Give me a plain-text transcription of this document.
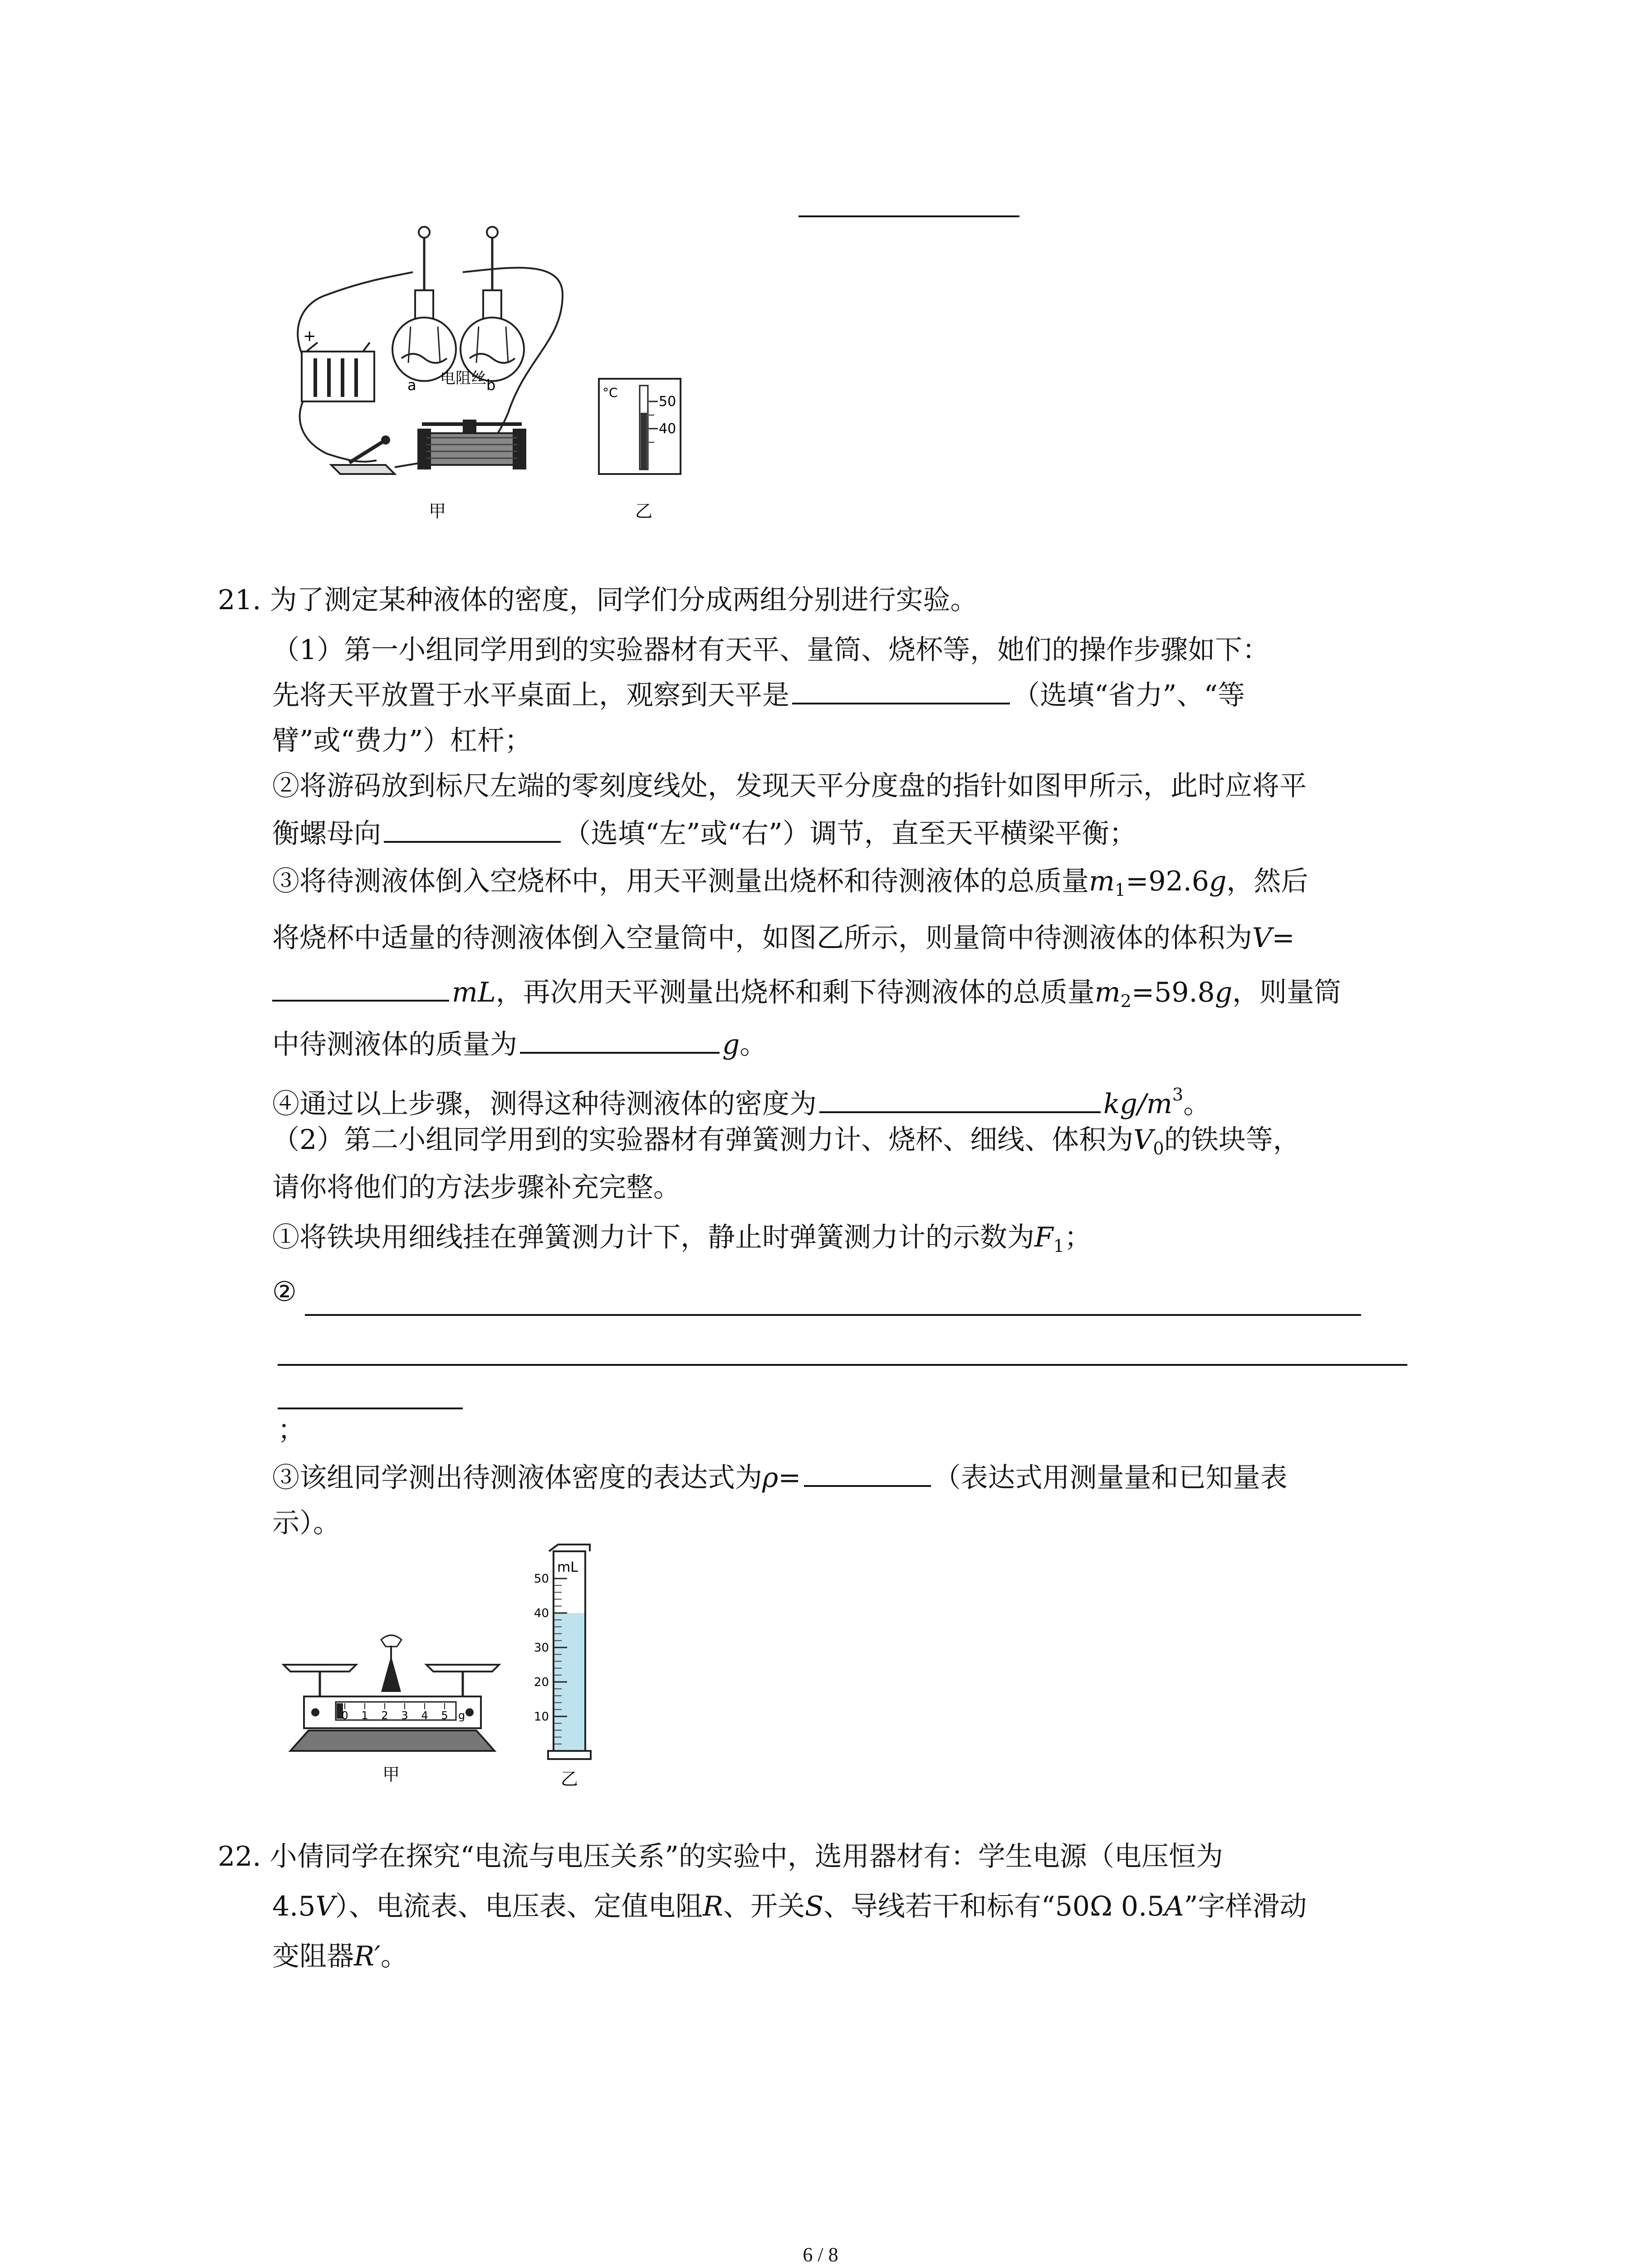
+
电阻丝
a	b	°C
50
40
甲	乙
21. 为了测定某种液体的密度，同学们分成两组分别进行实验。
（1）第一小组同学用到的实验器材有天平、量筒、烧杯等，她们的操作步骤如下：
先将天平放置于水平桌面上，观察到天平是	（选填“省力”、“等
臂”或“费力”）杠杆；
②将游码放到标尺左端的零刻度线处，发现天平分度盘的指针如图甲所示，此时应将平
衡螺母向	（选填“左”或“右”）调节，直至天平横梁平衡；
③将待测液体倒入空烧杯中，用天平测量出烧杯和待测液体的总质量$m_1=92.6g$，然后
将烧杯中适量的待测液体倒入空量筒中，如图乙所示，则量筒中待测液体的体积为V=
mL，再次用天平测量出烧杯和剩下待测液体的总质量$m_2=59.8g$，则量筒
中待测液体的质量为	g。
④通过以上步骤，测得这种待测液体的密度为	$kg/m^3$。
（2）第二小组同学用到的实验器材有弹簧测力计、烧杯、细线、体积为$V_0$的铁块等，
请你将他们的方法步骤补充完整。
①将铁块用细线挂在弹簧测力计下，静止时弹簧测力计的示数为$F_1$；
②
；
③该组同学测出待测液体密度的表达式为ρ=	（表达式用测量量和已知量表
示）。
0 1 2 3 4 5 g
50
40
30
20
10
mL
甲	乙
22. 小倩同学在探究“电流与电压关系”的实验中，选用器材有：学生电源（电压恒为
4.5V）、电流表、电压表、定值电阻R、开关S、导线若干和标有“50Ω 0.5A”字样滑动
变阻器R′。
6 / 8
